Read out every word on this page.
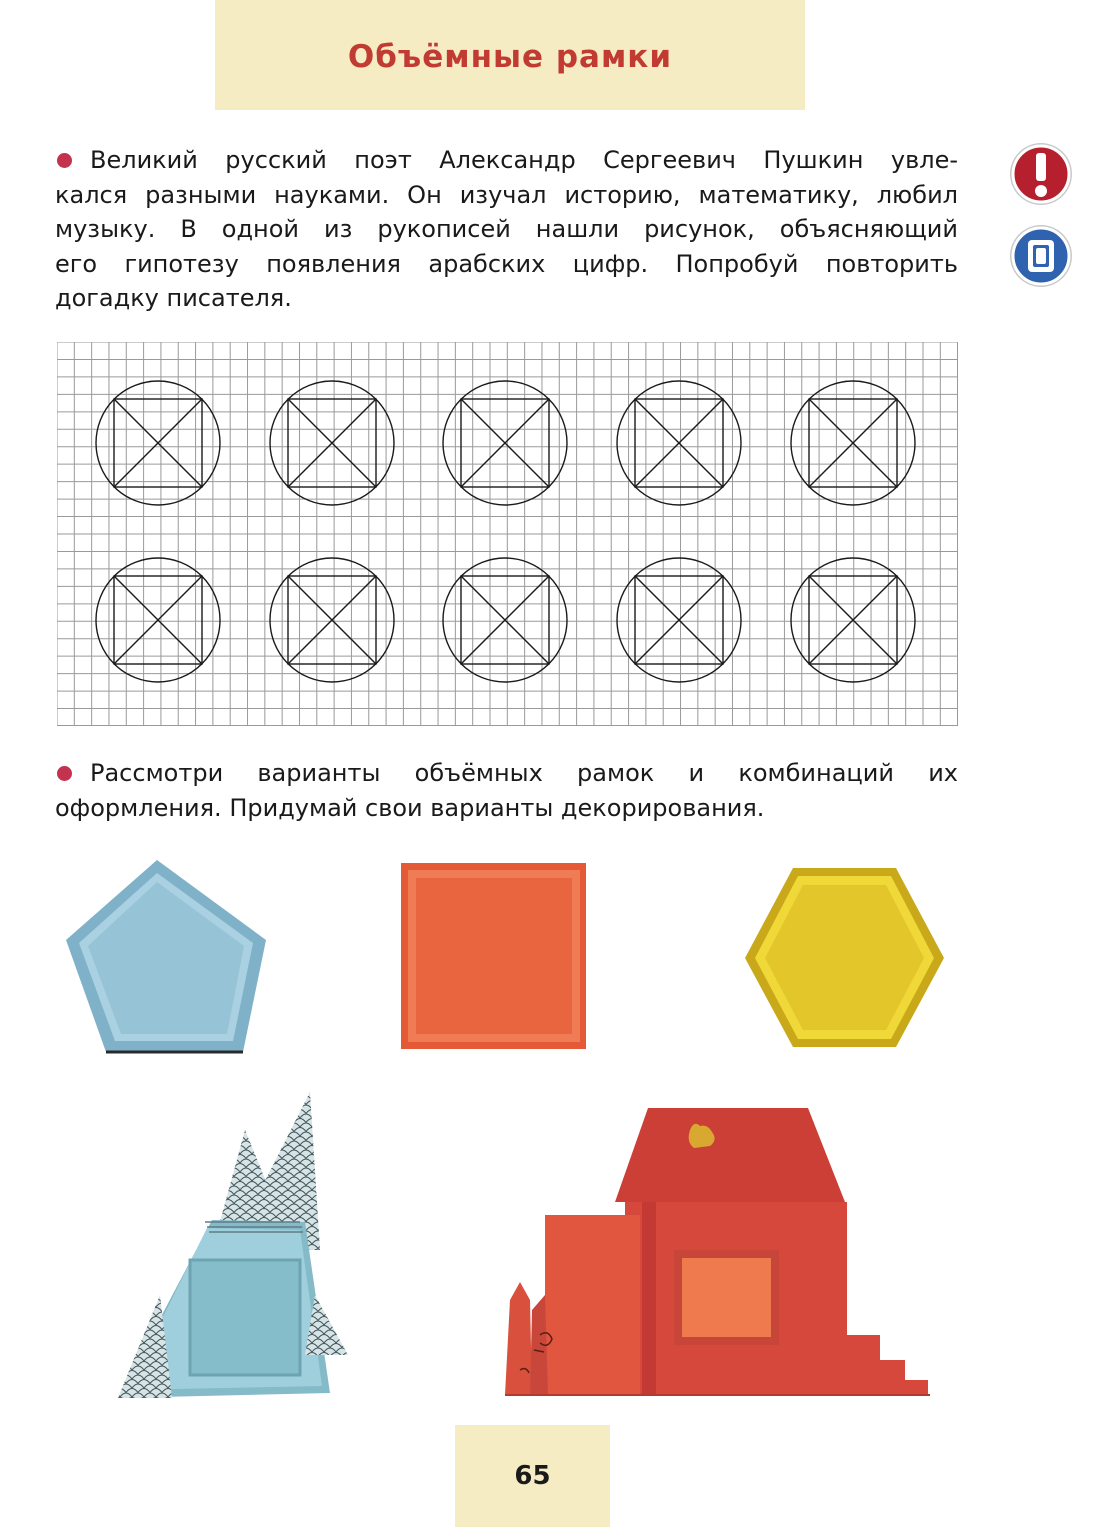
Объёмные рамки
Великий русский поэт Александр Сергеевич Пушкин увле-
кался разными науками. Он изучал историю, математику, любил
музыку. В одной из рукописей нашли рисунок, объясняющий
его гипотезу появления арабских цифр. Попробуй повторить
догадку писателя.
Рассмотри варианты объёмных рамок и комбинаций их
оформления. Придумай свои варианты декорирования.
65
